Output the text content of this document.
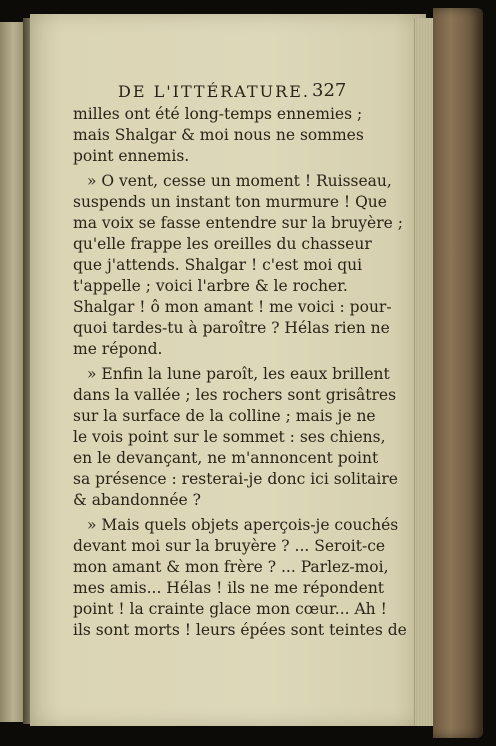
DE L'ITTÉRATURE. 327
milles ont été long-temps ennemies ;
mais Shalgar & moi nous ne sommes
point ennemis.
» O vent, cesse un moment ! Ruisseau,
suspends un instant ton murmure ! Que
ma voix se fasse entendre sur la bruyère ;
qu'elle frappe les oreilles du chasseur
que j'attends. Shalgar ! c'est moi qui
t'appelle ; voici l'arbre & le rocher.
Shalgar ! ô mon amant ! me voici : pour-
quoi tardes-tu à paroître ? Hélas rien ne
me répond.
» Enfin la lune paroît, les eaux brillent
dans la vallée ; les rochers sont grisâtres
sur la surface de la colline ; mais je ne
le vois point sur le sommet : ses chiens,
en le devançant, ne m'annoncent point
sa présence : resterai-je donc ici solitaire
& abandonnée ?
» Mais quels objets aperçois-je couchés
devant moi sur la bruyère ? ... Seroit-ce
mon amant & mon frère ? ... Parlez-moi,
mes amis... Hélas ! ils ne me répondent
point ! la crainte glace mon cœur... Ah !
ils sont morts ! leurs épées sont teintes de
